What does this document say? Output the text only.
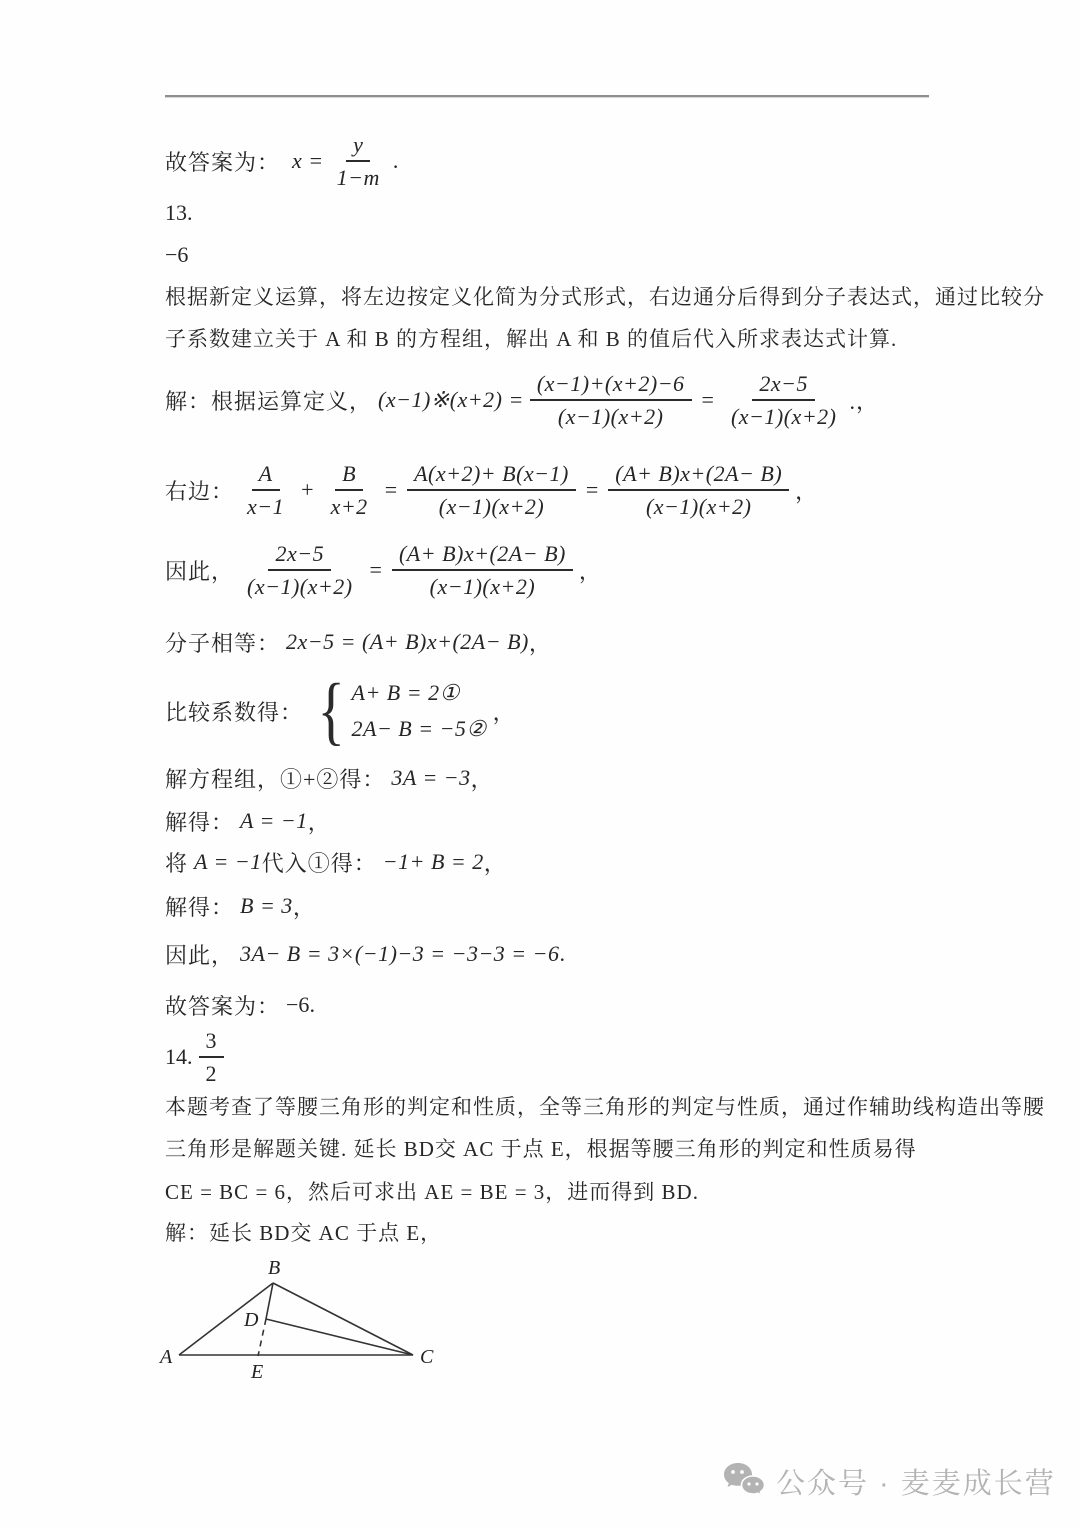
故答案为： $x = \frac{y}{1-m}$ .
13.
−6
根据新定义运算，将左边按定义化简为分式形式，右边通分后得到分子表达式，通过比较分
子系数建立关于 A 和 B 的方程组，解出 A 和 B 的值后代入所求表达式计算.
解：根据运算定义， (x−1)※(x+2) = $\frac{(x-1)+(x+2)-6}{(x-1)(x+2)} = \frac{2x-5}{(x-1)(x+2)}$ .，
右边： $\frac{A}{x-1} + \frac{B}{x+2} = \frac{A(x+2)+ B(x-1)}{(x-1)(x+2)} = \frac{(A+ B)x+(2A- B)}{(x-1)(x+2)}$ ，
因此， $\frac{2x-5}{(x-1)(x+2)} = \frac{(A+ B)x+(2A- B)}{(x-1)(x+2)}$ ，
分子相等： 2x−5 = (A+ B)x+(2A− B) ，
比较系数得： { A+ B = 2①
2A− B = −5②
，
解方程组，①+②得： 3A = −3 ，
解得： A = −1 ，
将 A = −1 代入①得： −1+ B = 2 ，
解得： B = 3 ，
因此， 3A− B = 3×(−1)−3 = −3−3 = −6 .
故答案为： −6 .
14. $\frac{3}{2}$
本题考查了等腰三角形的判定和性质，全等三角形的判定与性质，通过作辅助线构造出等腰
三角形是解题关键. 延长 BD交 AC 于点 E，根据等腰三角形的判定和性质易得
CE = BC = 6，然后可求出 AE = BE = 3，进而得到 BD.
解：延长 BD交 AC 于点 E，
A
B
C
D
E
公众号 · 麦麦成长营
